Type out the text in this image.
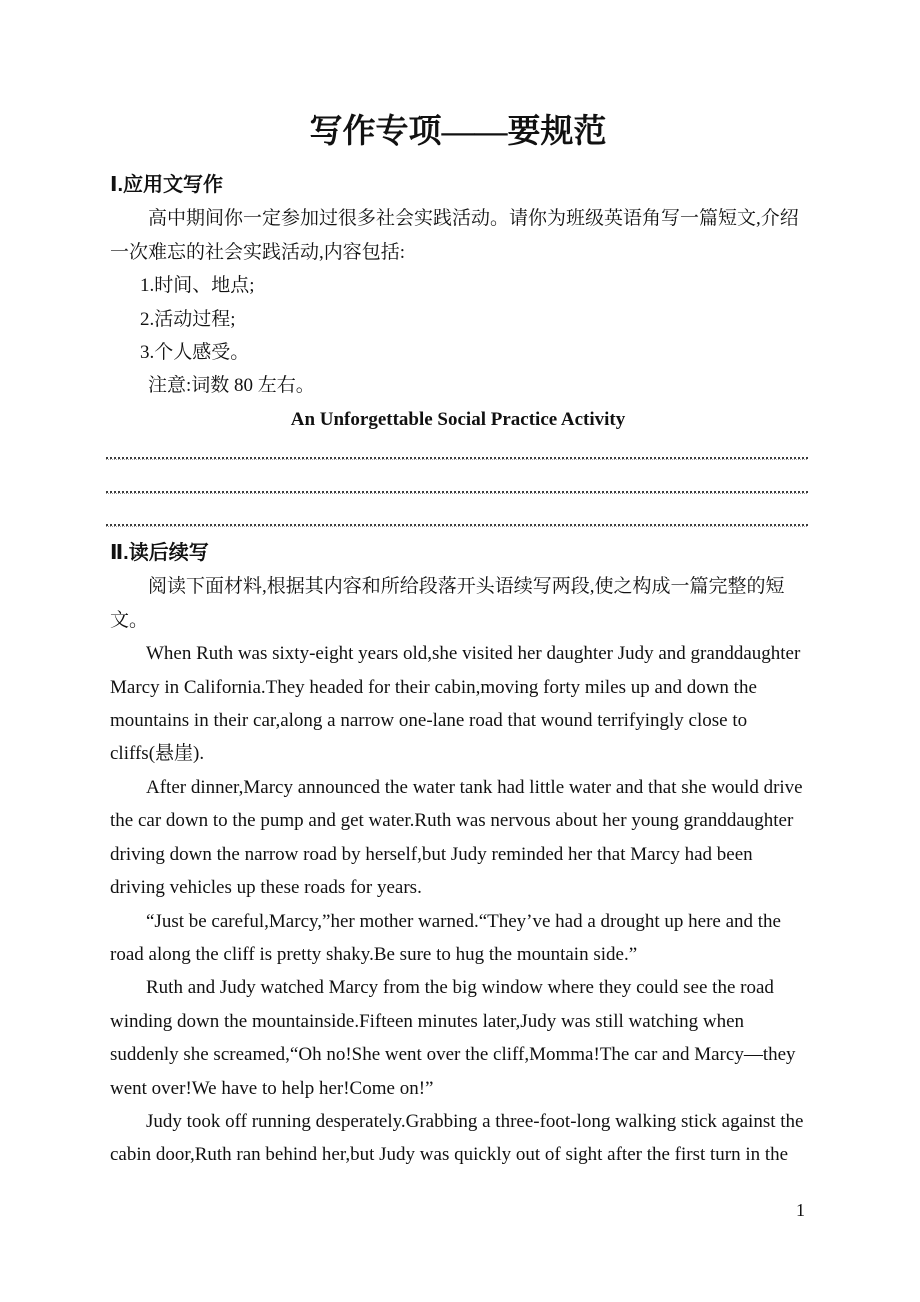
写作专项——要规范
Ⅰ.应用文写作

高中期间你一定参加过很多社会实践活动。请你为班级英语角写一篇短文,介绍一次难忘的社会实践活动,内容包括:

1.时间、地点;

2.活动过程;

3.个人感受。

注意:词数 80 左右。

An Unforgettable Social Practice Activity

Ⅱ.读后续写

阅读下面材料,根据其内容和所给段落开头语续写两段,使之构成一篇完整的短文。

When Ruth was sixty-eight years old,she visited her daughter Judy and granddaughter Marcy in California.They headed for their cabin,moving forty miles up and down the mountains in their car,along a narrow one-lane road that wound terrifyingly close to cliffs(悬崖).

After dinner,Marcy announced the water tank had little water and that she would drive the car down to the pump and get water.Ruth was nervous about her young granddaughter driving down the narrow road by herself,but Judy reminded her that Marcy had been driving vehicles up these roads for years.

“Just be careful,Marcy,”her mother warned.“They’ve had a drought up here and the road along the cliff is pretty shaky.Be sure to hug the mountain side.”

Ruth and Judy watched Marcy from the big window where they could see the road winding down the mountainside.Fifteen minutes later,Judy was still watching when suddenly she screamed,“Oh no!She went over the cliff,Momma!The car and Marcy—they went over!We have to help her!Come on!”

Judy took off running desperately.Grabbing a three-foot-long walking stick against the cabin door,Ruth ran behind her,but Judy was quickly out of sight after the first turn in the

1
